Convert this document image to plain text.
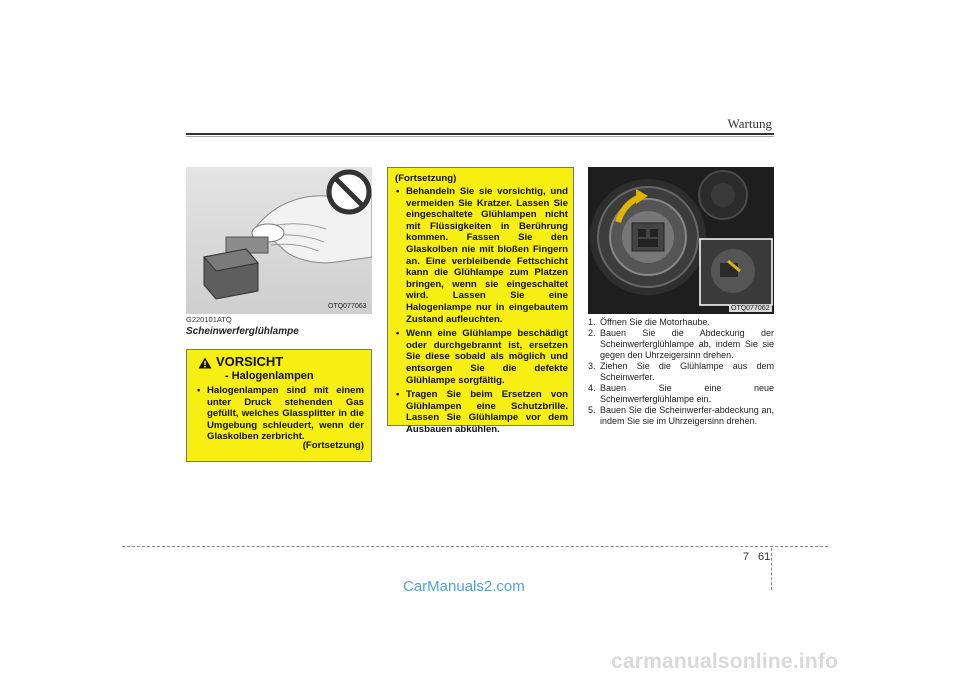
Wartung
OTQ077063
G220101ATQ
Scheinwerferglühlampe
VORSICHT
- Halogenlampen
• Halogenlampen sind mit einem unter Druck stehenden Gas gefüllt, welches Glassplitter in die Umgebung schleudert, wenn der Glaskolben zerbricht.
(Fortsetzung)
(Fortsetzung)
• Behandeln Sie sie vorsichtig, und vermeiden Sie Kratzer. Lassen Sie eingeschaltete Glühlampen nicht mit Flüssigkeiten in Berührung kommen. Fassen Sie den Glaskolben nie mit bloßen Fingern an. Eine verbleibende Fettschicht kann die Glühlampe zum Platzen bringen, wenn sie eingeschaltet wird. Lassen Sie eine Halogenlampe nur in eingebautem Zustand aufleuchten.
• Wenn eine Glühlampe beschädigt oder durchgebrannt ist, ersetzen Sie diese sobald als möglich und entsorgen Sie die defekte Glühlampe sorgfältig.
• Tragen Sie beim Ersetzen von Glühlampen eine Schutzbrille. Lassen Sie Glühlampe vor dem Ausbauen abkühlen.
OTQ077062
1. Öffnen Sie die Motorhaube.
2. Bauen Sie die Abdeckung der Scheinwerferglühlampe ab, indem Sie sie gegen den Uhrzeigersinn drehen.
3. Ziehen Sie die Glühlampe aus dem Scheinwerfer.
4. Bauen Sie eine neue Scheinwerferglühlampe ein.
5. Bauen Sie die Scheinwerfer-abdeckung an, indem Sie sie im Uhrzeigersinn drehen.
7 61
CarManuals2.com
carmanualsonline.info
